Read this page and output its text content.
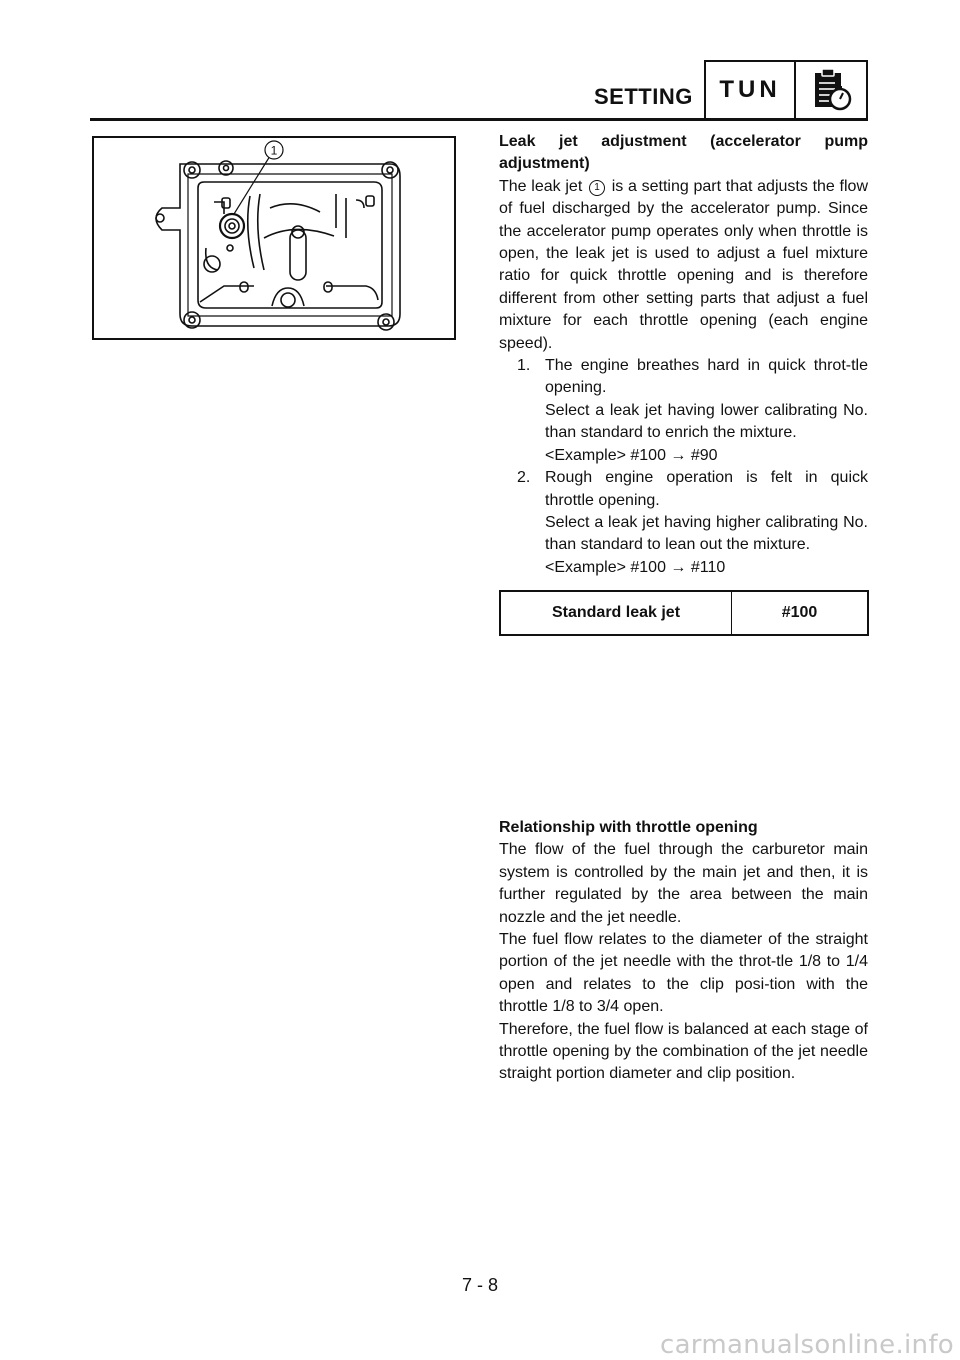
SETTING	TUN
1

Leak jet adjustment (accelerator pump adjustment)

The leak jet 1 is a setting part that adjusts the flow of fuel discharged by the accelerator pump. Since the accelerator pump operates only when throttle is open, the leak jet is used to adjust a fuel mixture ratio for quick throttle opening and is therefore different from other setting parts that adjust a fuel mixture for each throttle opening (each engine speed).

1. The engine breathes hard in quick throt-tle opening.

Select a leak jet having lower calibrating No. than standard to enrich the mixture.

<Example> #100 → #90

2. Rough engine operation is felt in quick throttle opening.

Select a leak jet having higher calibrating No. than standard to lean out the mixture.

<Example> #100 → #110

Standard leak jet	#100

Relationship with throttle opening

The flow of the fuel through the carburetor main system is controlled by the main jet and then, it is further regulated by the area between the main nozzle and the jet needle.

The fuel flow relates to the diameter of the straight portion of the jet needle with the throt-tle 1/8 to 1/4 open and relates to the clip posi-tion with the throttle 1/8 to 3/4 open.

Therefore, the fuel flow is balanced at each stage of throttle opening by the combination of the jet needle straight portion diameter and clip position.

7 - 8
carmanualsonline.info
